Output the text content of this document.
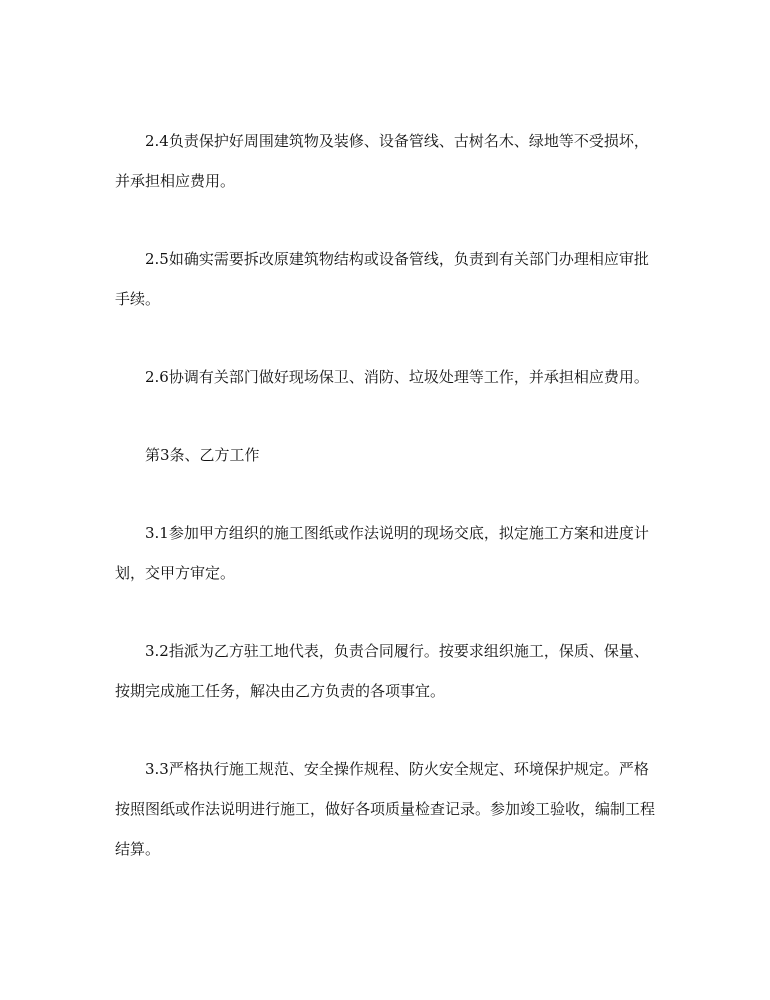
2.4负责保护好周围建筑物及装修、设备管线、古树名木、绿地等不受损坏，
并承担相应费用。
2.5如确实需要拆改原建筑物结构或设备管线，负责到有关部门办理相应审批
手续。
2.6协调有关部门做好现场保卫、消防、垃圾处理等工作，并承担相应费用。
第3条、乙方工作
3.1参加甲方组织的施工图纸或作法说明的现场交底，拟定施工方案和进度计
划，交甲方审定。
3.2指派为乙方驻工地代表，负责合同履行。按要求组织施工，保质、保量、
按期完成施工任务，解决由乙方负责的各项事宜。
3.3严格执行施工规范、安全操作规程、防火安全规定、环境保护规定。严格
按照图纸或作法说明进行施工，做好各项质量检查记录。参加竣工验收，编制工程
结算。
